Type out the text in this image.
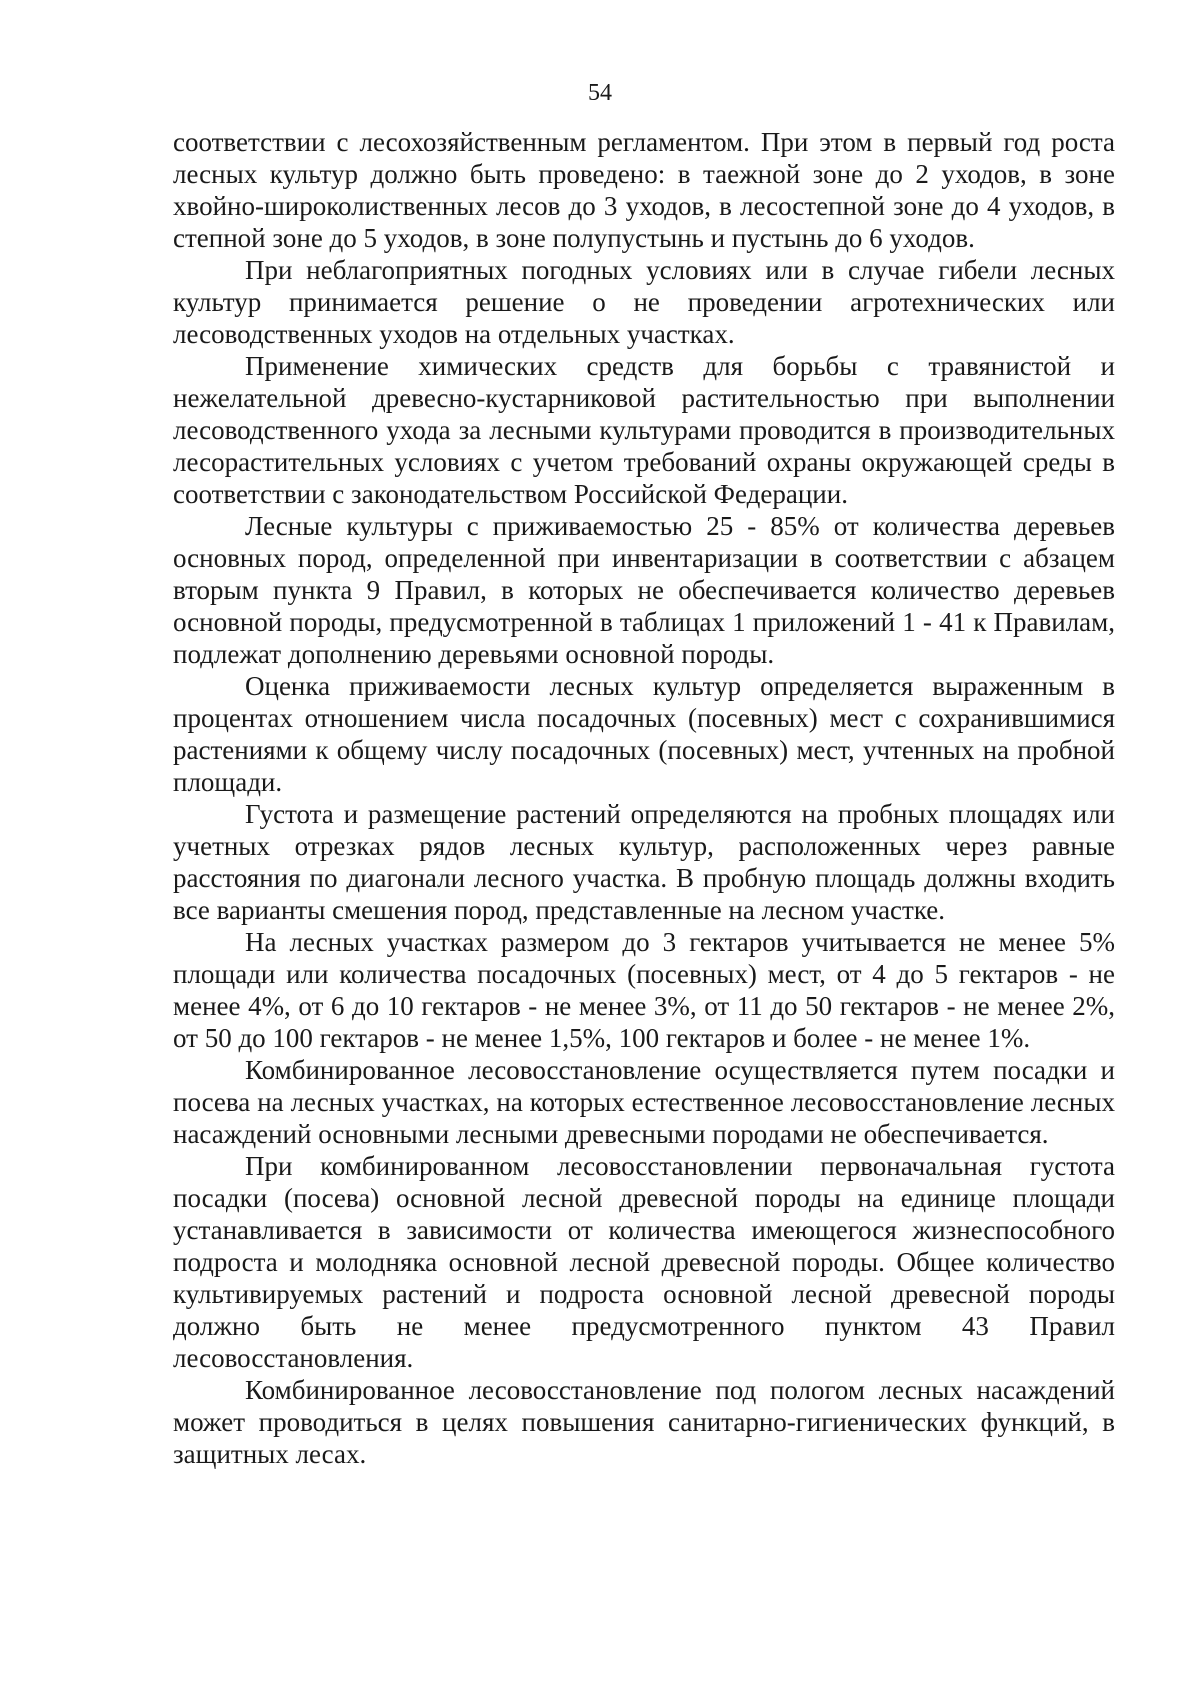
54

соответствии с лесохозяйственным регламентом. При этом в первый год роста лесных культур должно быть проведено: в таежной зоне до 2 уходов, в зоне хвойно-широколиственных лесов до 3 уходов, в лесостепной зоне до 4 уходов, в степной зоне до 5 уходов, в зоне полупустынь и пустынь до 6 уходов.

При неблагоприятных погодных условиях или в случае гибели лесных культур принимается решение о не проведении агротехнических или лесоводственных уходов на отдельных участках.

Применение химических средств для борьбы с травянистой и нежелательной древесно-кустарниковой растительностью при выполнении лесоводственного ухода за лесными культурами проводится в производительных лесорастительных условиях с учетом требований охраны окружающей среды в соответствии с законодательством Российской Федерации.

Лесные культуры с приживаемостью 25 - 85% от количества деревьев основных пород, определенной при инвентаризации в соответствии с абзацем вторым пункта 9 Правил, в которых не обеспечивается количество деревьев основной породы, предусмотренной в таблицах 1 приложений 1 - 41 к Правилам, подлежат дополнению деревьями основной породы.

Оценка приживаемости лесных культур определяется выраженным в процентах отношением числа посадочных (посевных) мест с сохранившимися растениями к общему числу посадочных (посевных) мест, учтенных на пробной площади.

Густота и размещение растений определяются на пробных площадях или учетных отрезках рядов лесных культур, расположенных через равные расстояния по диагонали лесного участка. В пробную площадь должны входить все варианты смешения пород, представленные на лесном участке.

На лесных участках размером до 3 гектаров учитывается не менее 5% площади или количества посадочных (посевных) мест, от 4 до 5 гектаров - не менее 4%, от 6 до 10 гектаров - не менее 3%, от 11 до 50 гектаров - не менее 2%, от 50 до 100 гектаров - не менее 1,5%, 100 гектаров и более - не менее 1%.

Комбинированное лесовосстановление осуществляется путем посадки и посева на лесных участках, на которых естественное лесовосстановление лесных насаждений основными лесными древесными породами не обеспечивается.

При комбинированном лесовосстановлении первоначальная густота посадки (посева) основной лесной древесной породы на единице площади устанавливается в зависимости от количества имеющегося жизнеспособного подроста и молодняка основной лесной древесной породы. Общее количество культивируемых растений и подроста основной лесной древесной породы должно быть не менее предусмотренного пунктом 43 Правил лесовосстановления.

Комбинированное лесовосстановление под пологом лесных насаждений может проводиться в целях повышения санитарно-гигиенических функций, в защитных лесах.
